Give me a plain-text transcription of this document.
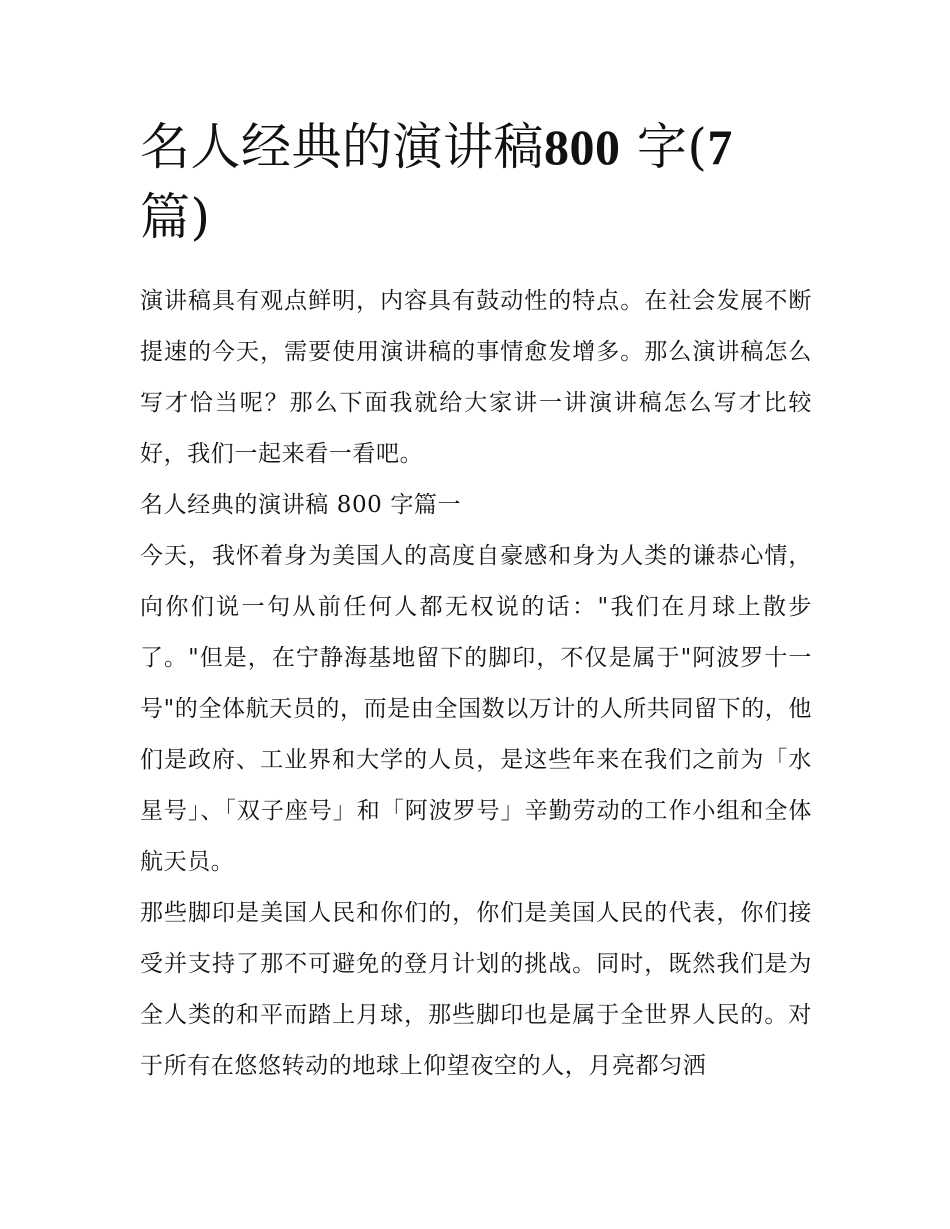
名人经典的演讲稿800 字(7
篇)

演讲稿具有观点鲜明，内容具有鼓动性的特点。在社会发展不断提速的今天，需要使用演讲稿的事情愈发增多。那么演讲稿怎么写才恰当呢？那么下面我就给大家讲一讲演讲稿怎么写才比较好，我们一起来看一看吧。

名人经典的演讲稿 800 字篇一

今天，我怀着身为美国人的高度自豪感和身为人类的谦恭心情，向你们说一句从前任何人都无权说的话："我们在月球上散步了。"但是，在宁静海基地留下的脚印，不仅是属于"阿波罗十一号"的全体航天员的，而是由全国数以万计的人所共同留下的，他们是政府、工业界和大学的人员，是这些年来在我们之前为「水星号」、「双子座号」和「阿波罗号」辛勤劳动的工作小组和全体航天员。

那些脚印是美国人民和你们的，你们是美国人民的代表，你们接受并支持了那不可避免的登月计划的挑战。同时，既然我们是为全人类的和平而踏上月球，那些脚印也是属于全世界人民的。对于所有在悠悠转动的地球上仰望夜空的人，月亮都匀洒
